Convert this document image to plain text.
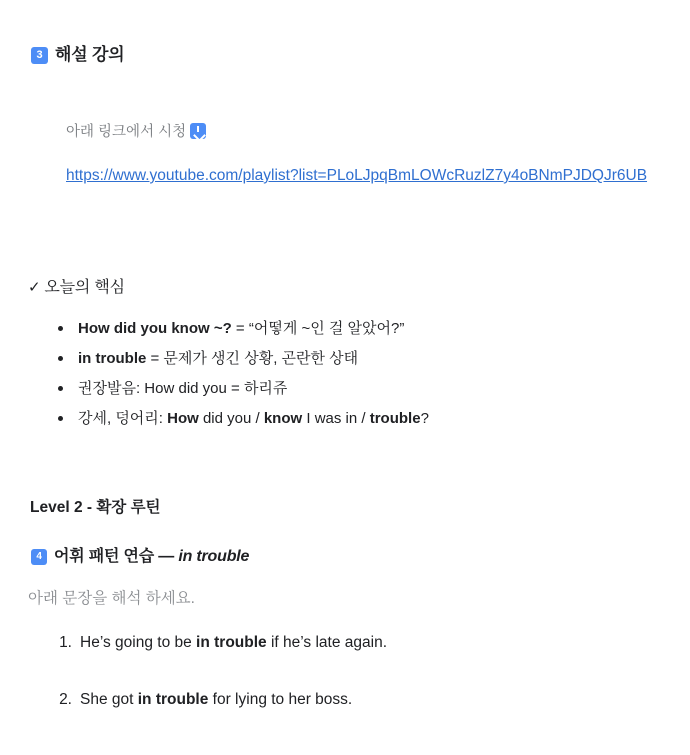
3 해설 강의
아래 링크에서 시청
https://www.youtube.com/playlist?list=PLoLJpqBmLOWcRuzlZ7y4oBNmPJDQJr6UB
✓ 오늘의 핵심
How did you know ~? = “어떻게 ~인 걸 알았어?”
in trouble = 문제가 생긴 상황, 곤란한 상태
권장발음: How did you = 하리쥬
강세, 덩어리: How did you / know I was in / trouble?
Level 2 - 확장 루틴
4 어휘 패턴 연습 — in trouble
아래 문장을 해석 하세요.
1. He’s going to be in trouble if he’s late again.
2. She got in trouble for lying to her boss.
